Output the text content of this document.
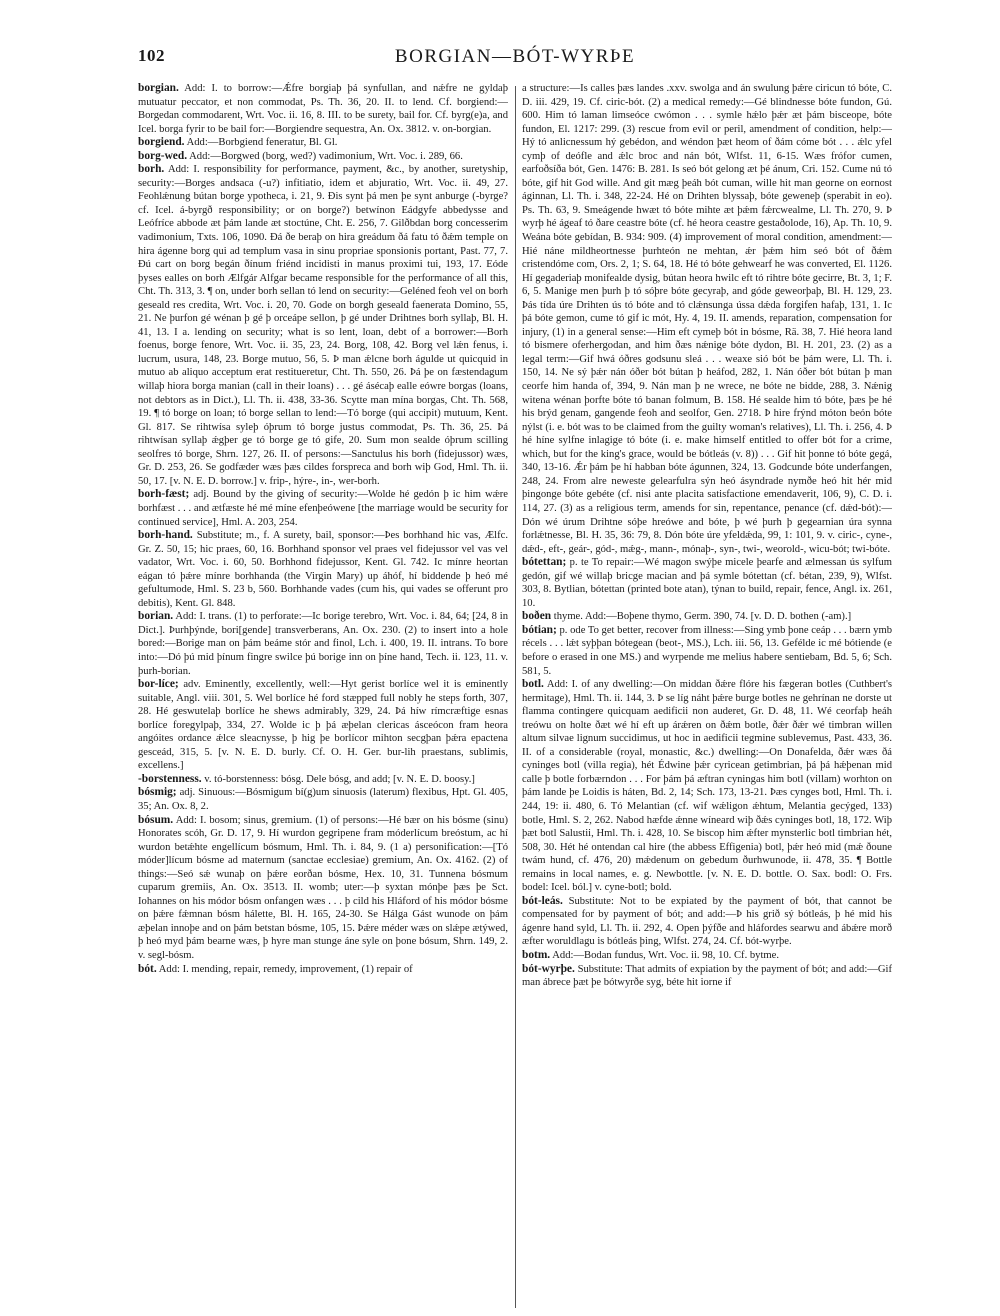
102	BORGIAN—BÓT-WYRÞE

borgian. Add: I. to borrow:—Ǽfre borgiaþ þá synfullan, and nǽfre ne gyldaþ mutuatur peccator, et non commodat, Ps. Th. 36, 20. II. to lend. Cf. borgiend:—Borgedan commodarent, Wrt. Voc. ii. 16, 8. III. to be surety, bail for. Cf. byrg(e)a, and Icel. borga fyrir to be bail for:—Borgiendre sequestra, An. Ox. 3812. v. on-borgian.

borgiend. Add:—Borbgiend feneratur, Bl. Gl.

borg-wed. Add:—Borgwed (borg, wed?) vadimonium, Wrt. Voc. i. 289, 66.

borh. Add: I. responsibility for performance, payment, &c., by another, suretyship, security:—Borges andsaca (-u?) infitiatio, idem et abjuratio, Wrt. Voc. ii. 49, 27. Feohlǽnung bútan borge ypotheca, i. 21, 9. Ðis synt þá men þe synt anburge (-byrge? cf. Icel. á-byrgð responsibility; or on borge?) betwínon Eádgyfe abbedysse and Leófríce abbode æt þám lande æt stoctúne, Cht. E. 256, 7. Gilðbdan borg concesserim vadimonium, Txts. 106, 1090. Ðá ðe beraþ on hira greádum ðá fatu tó ðǽm temple on hira ágenne borg qui ad templum vasa in sinu propriae sponsionis portant, Past. 77, 7. Ðú cart on borg begán ðínum friénd incidisti in manus proximi tui, 193, 17. Eóde þyses ealles on borh Ælfgár Alfgar became responsible for the performance of all this, Cht. Th. 313, 3. ¶ on, under borh sellan tó lend on security:—Geléned feoh vel on borh geseald res credita, Wrt. Voc. i. 20, 70. Gode on borgh geseald faenerata Domino, 55, 21. Ne þurfon gé wénan þ gé þ orceápe sellon, þ gé under Drihtnes borh syllaþ, Bl. H. 41, 13. I a. lending on security; what is so lent, loan, debt of a borrower:—Borh foenus, borge fenore, Wrt. Voc. ii. 35, 23, 24. Borg, 108, 42. Borg vel lǽn fenus, i. lucrum, usura, 148, 23. Borge mutuo, 56, 5. Þ man ǽlcne borh águlde ut quicquid in mutuo ab aliquo acceptum erat restitueretur, Cht. Th. 550, 26. Þá þe on fæstendagum willaþ hiora borga manian (call in their loans) . . . gé ásécaþ ealle eówre borgas (loans, not debtors as in Dict.), Ll. Th. ii. 438, 33-36. Scytte man mína borgas, Cht. Th. 568, 19. ¶ tó borge on loan; tó borge sellan to lend:—Tó borge (qui accipit) mutuum, Kent. Gl. 817. Se rihtwísa syleþ óþrum tó borge justus commodat, Ps. Th. 36, 25. Þá rihtwísan syllaþ ǽgþer ge tó borge ge tó gife, 20. Sum mon sealde óþrum scilling seolfres tó borge, Shrn. 127, 26. II. of persons:—Sanctulus his borh (fidejussor) wæs, Gr. D. 253, 26. Se godfæder wæs þæs cildes forspreca and borh wiþ God, Hml. Th. ii. 50, 17. [v. N. E. D. borrow.] v. frip-, hýre-, in-, wer-borh.

borh-fæst; adj. Bound by the giving of security:—Wolde hé gedón þ ic him wǽre borhfæst . . . and ætfæste hé mé míne efenþeówene [the marriage would be security for continued service], Hml. A. 203, 254.

borh-hand. Substitute; m., f. A surety, bail, sponsor:—Þes borhhand hic vas, Ælfc. Gr. Z. 50, 15; hic praes, 60, 16. Borhhand sponsor vel praes vel fidejussor vel vas vel vadator, Wrt. Voc. i. 60, 50. Borhhond fidejussor, Kent. Gl. 742. Ic mínre heortan eágan tó þǽre mínre borhhanda (the Virgin Mary) up áhóf, hí biddende þ heó mé gefultumode, Hml. S. 23 b, 560. Borhhande vades (cum his, qui vades se offerunt pro debitis), Kent. Gl. 848.

borian. Add: I. trans. (1) to perforate:—Ic borige terebro, Wrt. Voc. i. 84, 64; [24, 8 in Dict.]. Þurhþýnde, bori[gende] transverberans, An. Ox. 230. (2) to insert into a hole bored:—Borige man on þám beáme stór and finol, Lch. i. 400, 19. II. intrans. To bore into:—Dó þú mid þínum fingre swilce þú borige inn on þíne hand, Tech. ii. 123, 11. v. þurh-borian.

bor-líce; adv. Eminently, excellently, well:—Hyt gerist borlíce wel it is eminently suitable, Angl. viii. 301, 5. Wel borlíce hé ford stæpped full nobly he steps forth, 307, 28. Hé geswutelaþ borlíce he shews admirably, 329, 24. Þá híw rímcræftige esnas borlíce foregylpaþ, 334, 27. Wolde ic þ þá æþelan clericas ásceócon fram heora angóites ordance ǽlce sleacnysse, þ hig þe borlícor mihton secgþan þǽra epactena gesceád, 315, 5. [v. N. E. D. burly. Cf. O. H. Ger. bur-lih praestans, sublimis, excellens.]

-borstenness. v. tó-borstenness: bósg. Dele bósg, and add; [v. N. E. D. boosy.]

bósmig; adj. Sinuous:—Bósmigum bí(g)um sinuosis (laterum) flexibus, Hpt. Gl. 405, 35; An. Ox. 8, 2.

bósum. Add: I. bosom; sinus, gremium. (1) of persons:—Hé bær on his bósme (sinu) Honorates scóh, Gr. D. 17, 9. Hí wurdon gegripene fram móderlícum breóstum, ac hí wurdon betǽhte engellícum bósmum, Hml. Th. i. 84, 9. (1 a) personification:—[Tó móder]lícum bósme ad maternum (sanctae ecclesiae) gremium, An. Ox. 4162. (2) of things:—Seó sǽ wunaþ on þǽre eorðan bósme, Hex. 10, 31. Tunnena bósmum cuparum gremiis, An. Ox. 3513. II. womb; uter:—þ syxtan mónþe þæs þe Sct. Iohannes on his módor bósm onfangen wæs . . . þ cild his Hláford of his módor bósme on þǽre fǽmnan bósm hálette, Bl. H. 165, 24-30. Se Hálga Gást wunode on þám æþelan innoþe and on þám betstan bósme, 105, 15. Þǽre méder wæs on slǽpe ætýwed, þ heó myd þám bearne wæs, þ hyre man stunge áne syle on þone bósum, Shrn. 149, 2. v. segl-bósm.

bót. Add: I. mending, repair, remedy, improvement, (1) repair of

a structure:—Is calles þæs landes .xxv. swolga and án swulung þǽre ciricun tó bóte, C. D. iii. 429, 19. Cf. ciric-bót. (2) a medical remedy:—Gé blindnesse bóte fundon, Gú. 600. Him tó laman limseóce cwómon . . . symle hǽlo þǽr æt þám bisceope, bóte fundon, El. 1217: 299. (3) rescue from evil or peril, amendment of condition, help:—Hý tó anlicnessum hý gebédon, and wéndon þæt heom of ðám cóme bót . . . ǽlc yfel cymþ of deófle and ǽlc broc and nán bót, Wlfst. 11, 6-15. Wæs frófor cumen, earfoðsíða bót, Gen. 1476: B. 281. Is seó bót gelong æt þé ánum, Cri. 152. Cume nú tó bóte, gif hit God wille. And git mæg þeáh bót cuman, wille hit man georne on eornost áginnan, Ll. Th. i. 348, 22-24. Hé on Drihten blyssaþ, bóte geweneþ (sperabit in eo). Ps. Th. 63, 9. Smeágende hwæt tó bóte mihte æt þǽm fǽrcwealme, Ll. Th. 270, 9. Þ wyrþ hé ágeaf tó ðare ceastre bóte (cf. hé heora ceastre gestaðolode, 16), Ap. Th. 10, 9. Weána bóte gebídan, B. 934: 909. (4) improvement of moral condition, amendment:—Hié náne mildheortnesse þurhteón ne mehtan, ǽr þǽm him seó bót of ðǽm cristendóme com, Ors. 2, 1; S. 64, 18. Hé tó bóte gehwearf he was converted, El. 1126. Hí gegaderiaþ monifealde dysig, bútan heora hwilc eft tó rihtre bóte gecirre, Bt. 3, 1; F. 6, 5. Manige men þurh þ tó sóþre bóte gecyraþ, and góde geweorþaþ, Bl. H. 129, 23. Þás tída úre Drihten ús tó bóte and tó clǽnsunga ússa dǽda forgifen hafaþ, 131, 1. Ic þá bóte gemon, cume tó gif ic mót, Hy. 4, 19. II. amends, reparation, compensation for injury, (1) in a general sense:—Him eft cymeþ bót in bósme, Rä. 38, 7. Hié heora land tó bismere oferhergodan, and him ðæs nǽnige bóte dydon, Bl. H. 201, 23. (2) as a legal term:—Gif hwá óðres godsunu sleá . . . weaxe sió bót be þám were, Ll. Th. i. 150, 14. Ne sý þǽr nán óðer bót bútan þ heáfod, 282, 1. Nán óðer bót bútan þ man ceorfe him handa of, 394, 9. Nán man þ ne wrece, ne bóte ne bidde, 288, 3. Nǽnig witena wénan þorfte bóte tó banan folmum, B. 158. Hé sealde him tó bóte, þæs þe hé his brýd genam, gangende feoh and seolfor, Gen. 2718. Þ hire frýnd móton beón bóte nýlst (i. e. bót was to be claimed from the guilty woman's relatives), Ll. Th. i. 256, 4. Þ hé híne sylfne inlagige tó bóte (i. e. make himself entitled to offer bót for a crime, which, but for the king's grace, would be bótleás (v. 8)) . . . Gif hit þonne tó bóte gegá, 340, 13-16. Ǽr þám þe hí habban bóte águnnen, 324, 13. Godcunde bóte underfangen, 248, 24. From alre neweste gelearfulra sýn heó ásyndrade nymðe heó hit hér mid þingonge bóte gebéte (cf. nisi ante placita satisfactione emendaverit, 106, 9), C. D. i. 114, 27. (3) as a religious term, amends for sin, repentance, penance (cf. dǽd-bót):—Dón wé úrum Drihtne sóþe hreówe and bóte, þ wé þurh þ gegearnian úra synna forlǽtnesse, Bl. H. 35, 36: 79, 8. Dón bóte úre yfeldǽda, 99, 1: 101, 9. v. ciric-, cyne-, dǽd-, eft-, geár-, gód-, mǽg-, mann-, mónaþ-, syn-, twi-, weorold-, wicu-bót; twi-bóte.

bótettan; p. te To repair:—Wé magon swýþe micele þearfe and ælmessan ús sylfum gedón, gif wé willaþ bricge macian and þá symle bótettan (cf. bétan, 239, 9), Wlfst. 303, 8. Bytlian, bótettan (printed bote atan), týnan to build, repair, fence, Angl. ix. 261, 10.

boðen thyme. Add:—Boþene thymo, Germ. 390, 74. [v. D. D. bothen (-am).]

bótian; p. ode To get better, recover from illness:—Sing ymb þone ceáp . . . bærn ymb récels . . . lǽt syþþan bótegean (beot-, MS.), Lch. iii. 56, 13. Gefélde ic mé bótiende (e before o erased in one MS.) and wyrpende me melius habere sentiebam, Bd. 5, 6; Sch. 581, 5.

botl. Add: I. of any dwelling:—On middan ðǽre flóre his fægeran botles (Cuthbert's hermitage), Hml. Th. ii. 144, 3. Þ se líg náht þǽre burge botles ne gehrínan ne dorste ut flamma contingere quicquam aedificii non auderet, Gr. D. 48, 11. Wé ceorfaþ heáh treówu on holte ðæt wé hí eft up árǽren on ðǽm botle, ðǽr ðǽr wé timbran willen altum silvae lignum succidimus, ut hoc in aedificii tegmine sublevemus, Past. 433, 36. II. of a considerable (royal, monastic, &c.) dwelling:—On Donafelda, ðǽr wæs ðá cyninges botl (villa regia), hét Édwine þǽr cyricean getimbrian, þá þá hǽþenan mid calle þ botle forbærndon . . . For þám þá æftran cyningas him botl (villam) worhton on þám lande þe Loidis is háten, Bd. 2, 14; Sch. 173, 13-21. Þæs cynges botl, Hml. Th. i. 244, 19: ii. 480, 6. Tó Melantian (cf. wif wǽligon ǽhtum, Melantia gecýged, 133) botle, Hml. S. 2, 262. Nabod hæfde ǽnne wíneard wiþ ðǽs cyninges botl, 18, 172. Wiþ þæt botl Salustii, Hml. Th. i. 428, 10. Se biscop him ǽfter mynsterlic botl timbrian hét, 508, 30. Hét hé ontendan cal hire (the abbess Effigenia) botl, þǽr heó mid (mǽ ðoune twám hund, cf. 476, 20) mǽdenum on gebedum ðurhwunode, ii. 478, 35. ¶ Bottle remains in local names, e. g. Newbottle. [v. N. E. D. bottle. O. Sax. bodl: O. Frs. bodel: Icel. ból.] v. cyne-botl; bold.

bót-leás. Substitute: Not to be expiated by the payment of bót, that cannot be compensated for by payment of bót; and add:—Þ his grið sý bótleás, þ hé mid his ágenre hand syld, Ll. Th. ii. 292, 4. Open þýfðe and hláfordes searwu and ábǽre morð æfter woruldlagu is bótleás þing, Wlfst. 274, 24. Cf. bót-wyrþe.

botm. Add:—Bodan fundus, Wrt. Voc. ii. 98, 10. Cf. bytme.

bót-wyrþe. Substitute: That admits of expiation by the payment of bót; and add:—Gif man ábrece þæt þe bótwyrðe syg, béte hit iorne if
